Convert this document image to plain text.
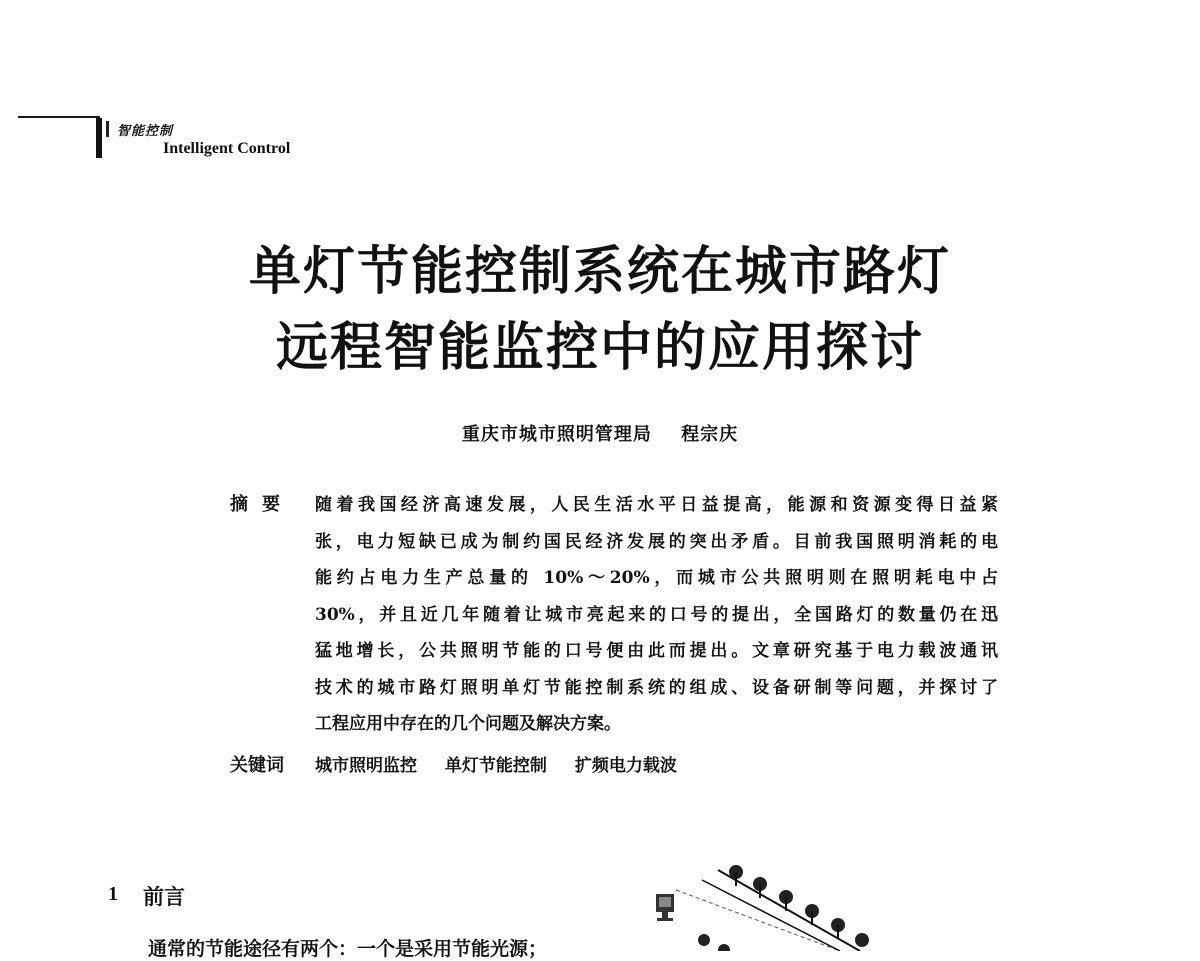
智能控制
Intelligent Control
单灯节能控制系统在城市路灯
远程智能监控中的应用探讨
重庆市城市照明管理局 程宗庆
摘要 随着我国经济高速发展，人民生活水平日益提高，能源和资源变得日益紧
张，电力短缺已成为制约国民经济发展的突出矛盾。目前我国照明消耗的电
能约占电力生产总量的 10%～20%，而城市公共照明则在照明耗电中占
30%，并且近几年随着让城市亮起来的口号的提出，全国路灯的数量仍在迅
猛地增长，公共照明节能的口号便由此而提出。文章研究基于电力载波通讯
技术的城市路灯照明单灯节能控制系统的组成、设备研制等问题，并探讨了
工程应用中存在的几个问题及解决方案。
关键词 城市照明监控 单灯节能控制 扩频电力载波
1 前言
通常的节能途径有两个：一个是采用节能光源；
